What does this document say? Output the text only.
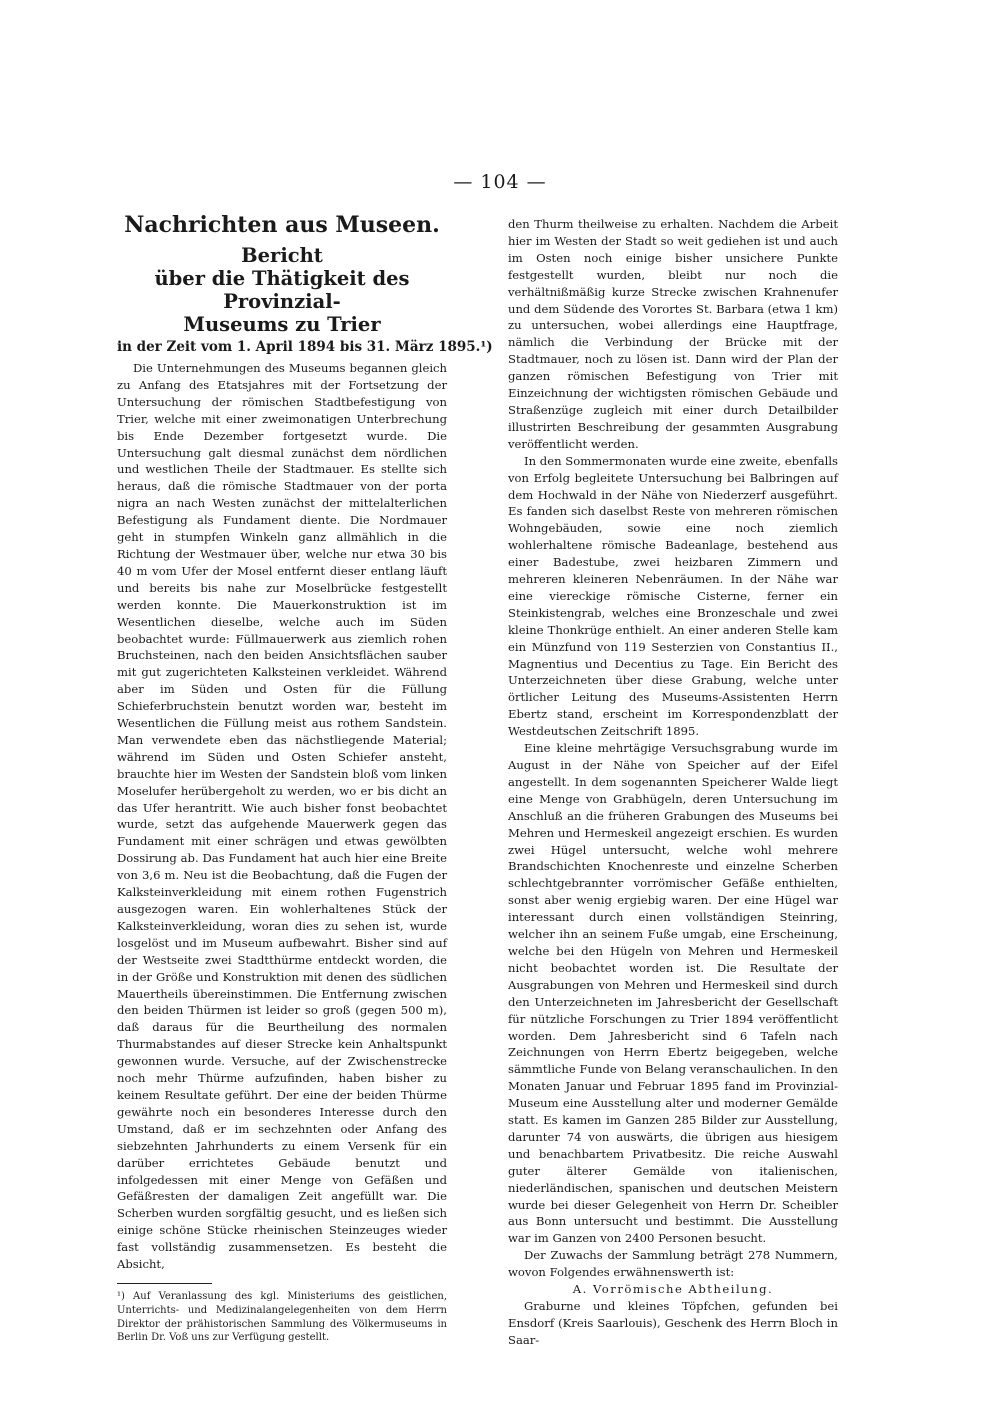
— 104 —
Nachrichten aus Museen.
Bericht
über die Thätigkeit des Provinzial-
Museums zu Trier
in der Zeit vom 1. April 1894 bis 31. März 1895.¹)

Die Unternehmungen des Museums begannen gleich zu Anfang des Etatsjahres mit der Fortsetzung der Untersuchung der römischen Stadtbefestigung von Trier, welche mit einer zweimonatigen Unterbrechung bis Ende Dezember fortgesetzt wurde. Die Untersuchung galt diesmal zunächst dem nördlichen und westlichen Theile der Stadtmauer. Es stellte sich heraus, daß die römische Stadtmauer von der porta nigra an nach Westen zunächst der mittelalterlichen Befestigung als Fundament diente. Die Nordmauer geht in stumpfen Winkeln ganz allmählich in die Richtung der Westmauer über, welche nur etwa 30 bis 40 m vom Ufer der Mosel entfernt dieser entlang läuft und bereits bis nahe zur Moselbrücke festgestellt werden konnte. Die Mauerkonstruktion ist im Wesentlichen dieselbe, welche auch im Süden beobachtet wurde: Füllmauerwerk aus ziemlich rohen Bruchsteinen, nach den beiden Ansichtsflächen sauber mit gut zugerichteten Kalksteinen verkleidet. Während aber im Süden und Osten für die Füllung Schieferbruchstein benutzt worden war, besteht im Wesentlichen die Füllung meist aus rothem Sandstein. Man verwendete eben das nächstliegende Material; während im Süden und Osten Schiefer ansteht, brauchte hier im Westen der Sandstein bloß vom linken Moselufer herübergeholt zu werden, wo er bis dicht an das Ufer herantritt. Wie auch bisher fonst beobachtet wurde, setzt das aufgehende Mauerwerk gegen das Fundament mit einer schrägen und etwas gewölbten Dossirung ab. Das Fundament hat auch hier eine Breite von 3,6 m. Neu ist die Beobachtung, daß die Fugen der Kalksteinverkleidung mit einem rothen Fugenstrich ausgezogen waren. Ein wohlerhaltenes Stück der Kalksteinverkleidung, woran dies zu sehen ist, wurde losgelöst und im Museum aufbewahrt. Bisher sind auf der Westseite zwei Stadtthürme entdeckt worden, die in der Größe und Konstruktion mit denen des südlichen Mauertheils übereinstimmen. Die Entfernung zwischen den beiden Thürmen ist leider so groß (gegen 500 m), daß daraus für die Beurtheilung des normalen Thurmabstandes auf dieser Strecke kein Anhaltspunkt gewonnen wurde. Versuche, auf der Zwischenstrecke noch mehr Thürme aufzufinden, haben bisher zu keinem Resultate geführt. Der eine der beiden Thürme gewährte noch ein besonderes Interesse durch den Umstand, daß er im sechzehnten oder Anfang des siebzehnten Jahrhunderts zu einem Versenk für ein darüber errichtetes Gebäude benutzt und infolgedessen mit einer Menge von Gefäßen und Gefäßresten der damaligen Zeit angefüllt war. Die Scherben wurden sorgfältig gesucht, und es ließen sich einige schöne Stücke rheinischen Steinzeuges wieder fast vollständig zusammensetzen. Es besteht die Absicht,

¹) Auf Veranlassung des kgl. Ministeriums des geistlichen, Unterrichts- und Medizinalangelegenheiten von dem Herrn Direktor der prähistorischen Sammlung des Völkermuseums in Berlin Dr. Voß uns zur Verfügung gestellt.

den Thurm theilweise zu erhalten. Nachdem die Arbeit hier im Westen der Stadt so weit gediehen ist und auch im Osten noch einige bisher unsichere Punkte festgestellt wurden, bleibt nur noch die verhältnißmäßig kurze Strecke zwischen Krahnenufer und dem Südende des Vorortes St. Barbara (etwa 1 km) zu untersuchen, wobei allerdings eine Hauptfrage, nämlich die Verbindung der Brücke mit der Stadtmauer, noch zu lösen ist. Dann wird der Plan der ganzen römischen Befestigung von Trier mit Einzeichnung der wichtigsten römischen Gebäude und Straßenzüge zugleich mit einer durch Detailbilder illustrirten Beschreibung der gesammten Ausgrabung veröffentlicht werden.

In den Sommermonaten wurde eine zweite, ebenfalls von Erfolg begleitete Untersuchung bei Balbringen auf dem Hochwald in der Nähe von Niederzerf ausgeführt. Es fanden sich daselbst Reste von mehreren römischen Wohngebäuden, sowie eine noch ziemlich wohlerhaltene römische Badeanlage, bestehend aus einer Badestube, zwei heizbaren Zimmern und mehreren kleineren Nebenräumen. In der Nähe war eine viereckige römische Cisterne, ferner ein Steinkistengrab, welches eine Bronzeschale und zwei kleine Thonkrüge enthielt. An einer anderen Stelle kam ein Münzfund von 119 Sesterzien von Constantius II., Magnentius und Decentius zu Tage. Ein Bericht des Unterzeichneten über diese Grabung, welche unter örtlicher Leitung des Museums-Assistenten Herrn Ebertz stand, erscheint im Korrespondenzblatt der Westdeutschen Zeitschrift 1895.

Eine kleine mehrtägige Versuchsgrabung wurde im August in der Nähe von Speicher auf der Eifel angestellt. In dem sogenannten Speicherer Walde liegt eine Menge von Grabhügeln, deren Untersuchung im Anschluß an die früheren Grabungen des Museums bei Mehren und Hermeskeil angezeigt erschien. Es wurden zwei Hügel untersucht, welche wohl mehrere Brandschichten Knochenreste und einzelne Scherben schlechtgebrannter vorrömischer Gefäße enthielten, sonst aber wenig ergiebig waren. Der eine Hügel war interessant durch einen vollständigen Steinring, welcher ihn an seinem Fuße umgab, eine Erscheinung, welche bei den Hügeln von Mehren und Hermeskeil nicht beobachtet worden ist. Die Resultate der Ausgrabungen von Mehren und Hermeskeil sind durch den Unterzeichneten im Jahresbericht der Gesellschaft für nützliche Forschungen zu Trier 1894 veröffentlicht worden. Dem Jahresbericht sind 6 Tafeln nach Zeichnungen von Herrn Ebertz beigegeben, welche sämmtliche Funde von Belang veranschaulichen. In den Monaten Januar und Februar 1895 fand im Provinzial-Museum eine Ausstellung alter und moderner Gemälde statt. Es kamen im Ganzen 285 Bilder zur Ausstellung, darunter 74 von auswärts, die übrigen aus hiesigem und benachbartem Privatbesitz. Die reiche Auswahl guter älterer Gemälde von italienischen, niederländischen, spanischen und deutschen Meistern wurde bei dieser Gelegenheit von Herrn Dr. Scheibler aus Bonn untersucht und bestimmt. Die Ausstellung war im Ganzen von 2400 Personen besucht.

Der Zuwachs der Sammlung beträgt 278 Nummern, wovon Folgendes erwähnenswerth ist:

A. Vorrömische Abtheilung.

Graburne und kleines Töpfchen, gefunden bei Ensdorf (Kreis Saarlouis), Geschenk des Herrn Bloch in Saar-
